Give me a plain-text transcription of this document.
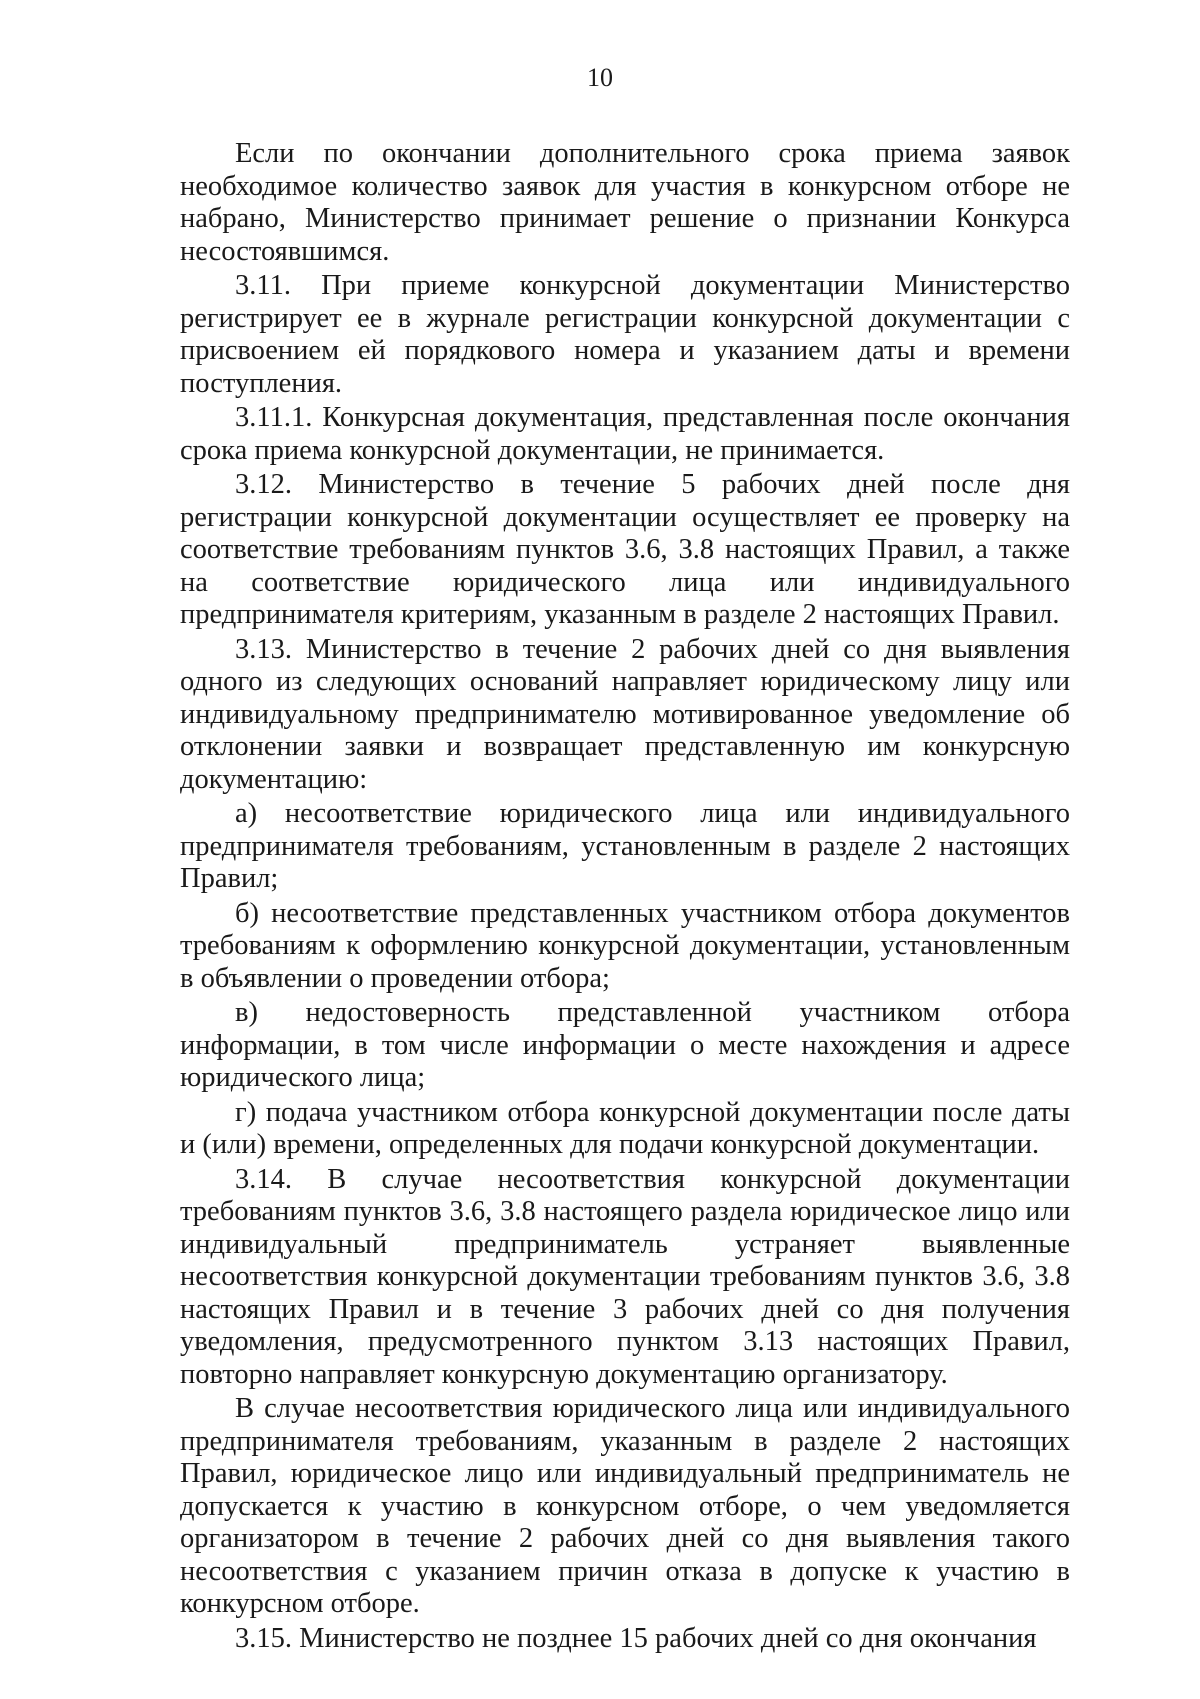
10

Если по окончании дополнительного срока приема заявок необходимое количество заявок для участия в конкурсном отборе не набрано, Министерство принимает решение о признании Конкурса несостоявшимся.

3.11. При приеме конкурсной документации Министерство регистрирует ее в журнале регистрации конкурсной документации с присвоением ей порядкового номера и указанием даты и времени поступления.

3.11.1. Конкурсная документация, представленная после окончания срока приема конкурсной документации, не принимается.

3.12. Министерство в течение 5 рабочих дней после дня регистрации конкурсной документации осуществляет ее проверку на соответствие требованиям пунктов 3.6, 3.8 настоящих Правил, а также на соответствие юридического лица или индивидуального предпринимателя критериям, указанным в разделе 2 настоящих Правил.

3.13. Министерство в течение 2 рабочих дней со дня выявления одного из следующих оснований направляет юридическому лицу или индивидуальному предпринимателю мотивированное уведомление об отклонении заявки и возвращает представленную им конкурсную документацию:

а) несоответствие юридического лица или индивидуального предпринимателя требованиям, установленным в разделе 2 настоящих Правил;

б) несоответствие представленных участником отбора документов требованиям к оформлению конкурсной документации, установленным в объявлении о проведении отбора;

в) недостоверность представленной участником отбора информации, в том числе информации о месте нахождения и адресе юридического лица;

г) подача участником отбора конкурсной документации после даты и (или) времени, определенных для подачи конкурсной документации.

3.14. В случае несоответствия конкурсной документации требованиям пунктов 3.6, 3.8 настоящего раздела юридическое лицо или индивидуальный предприниматель устраняет выявленные несоответствия конкурсной документации требованиям пунктов 3.6, 3.8 настоящих Правил и в течение 3 рабочих дней со дня получения уведомления, предусмотренного пунктом 3.13 настоящих Правил, повторно направляет конкурсную документацию организатору.

В случае несоответствия юридического лица или индивидуального предпринимателя требованиям, указанным в разделе 2 настоящих Правил, юридическое лицо или индивидуальный предприниматель не допускается к участию в конкурсном отборе, о чем уведомляется организатором в течение 2 рабочих дней со дня выявления такого несоответствия с указанием причин отказа в допуске к участию в конкурсном отборе.

3.15. Министерство не позднее 15 рабочих дней со дня окончания
